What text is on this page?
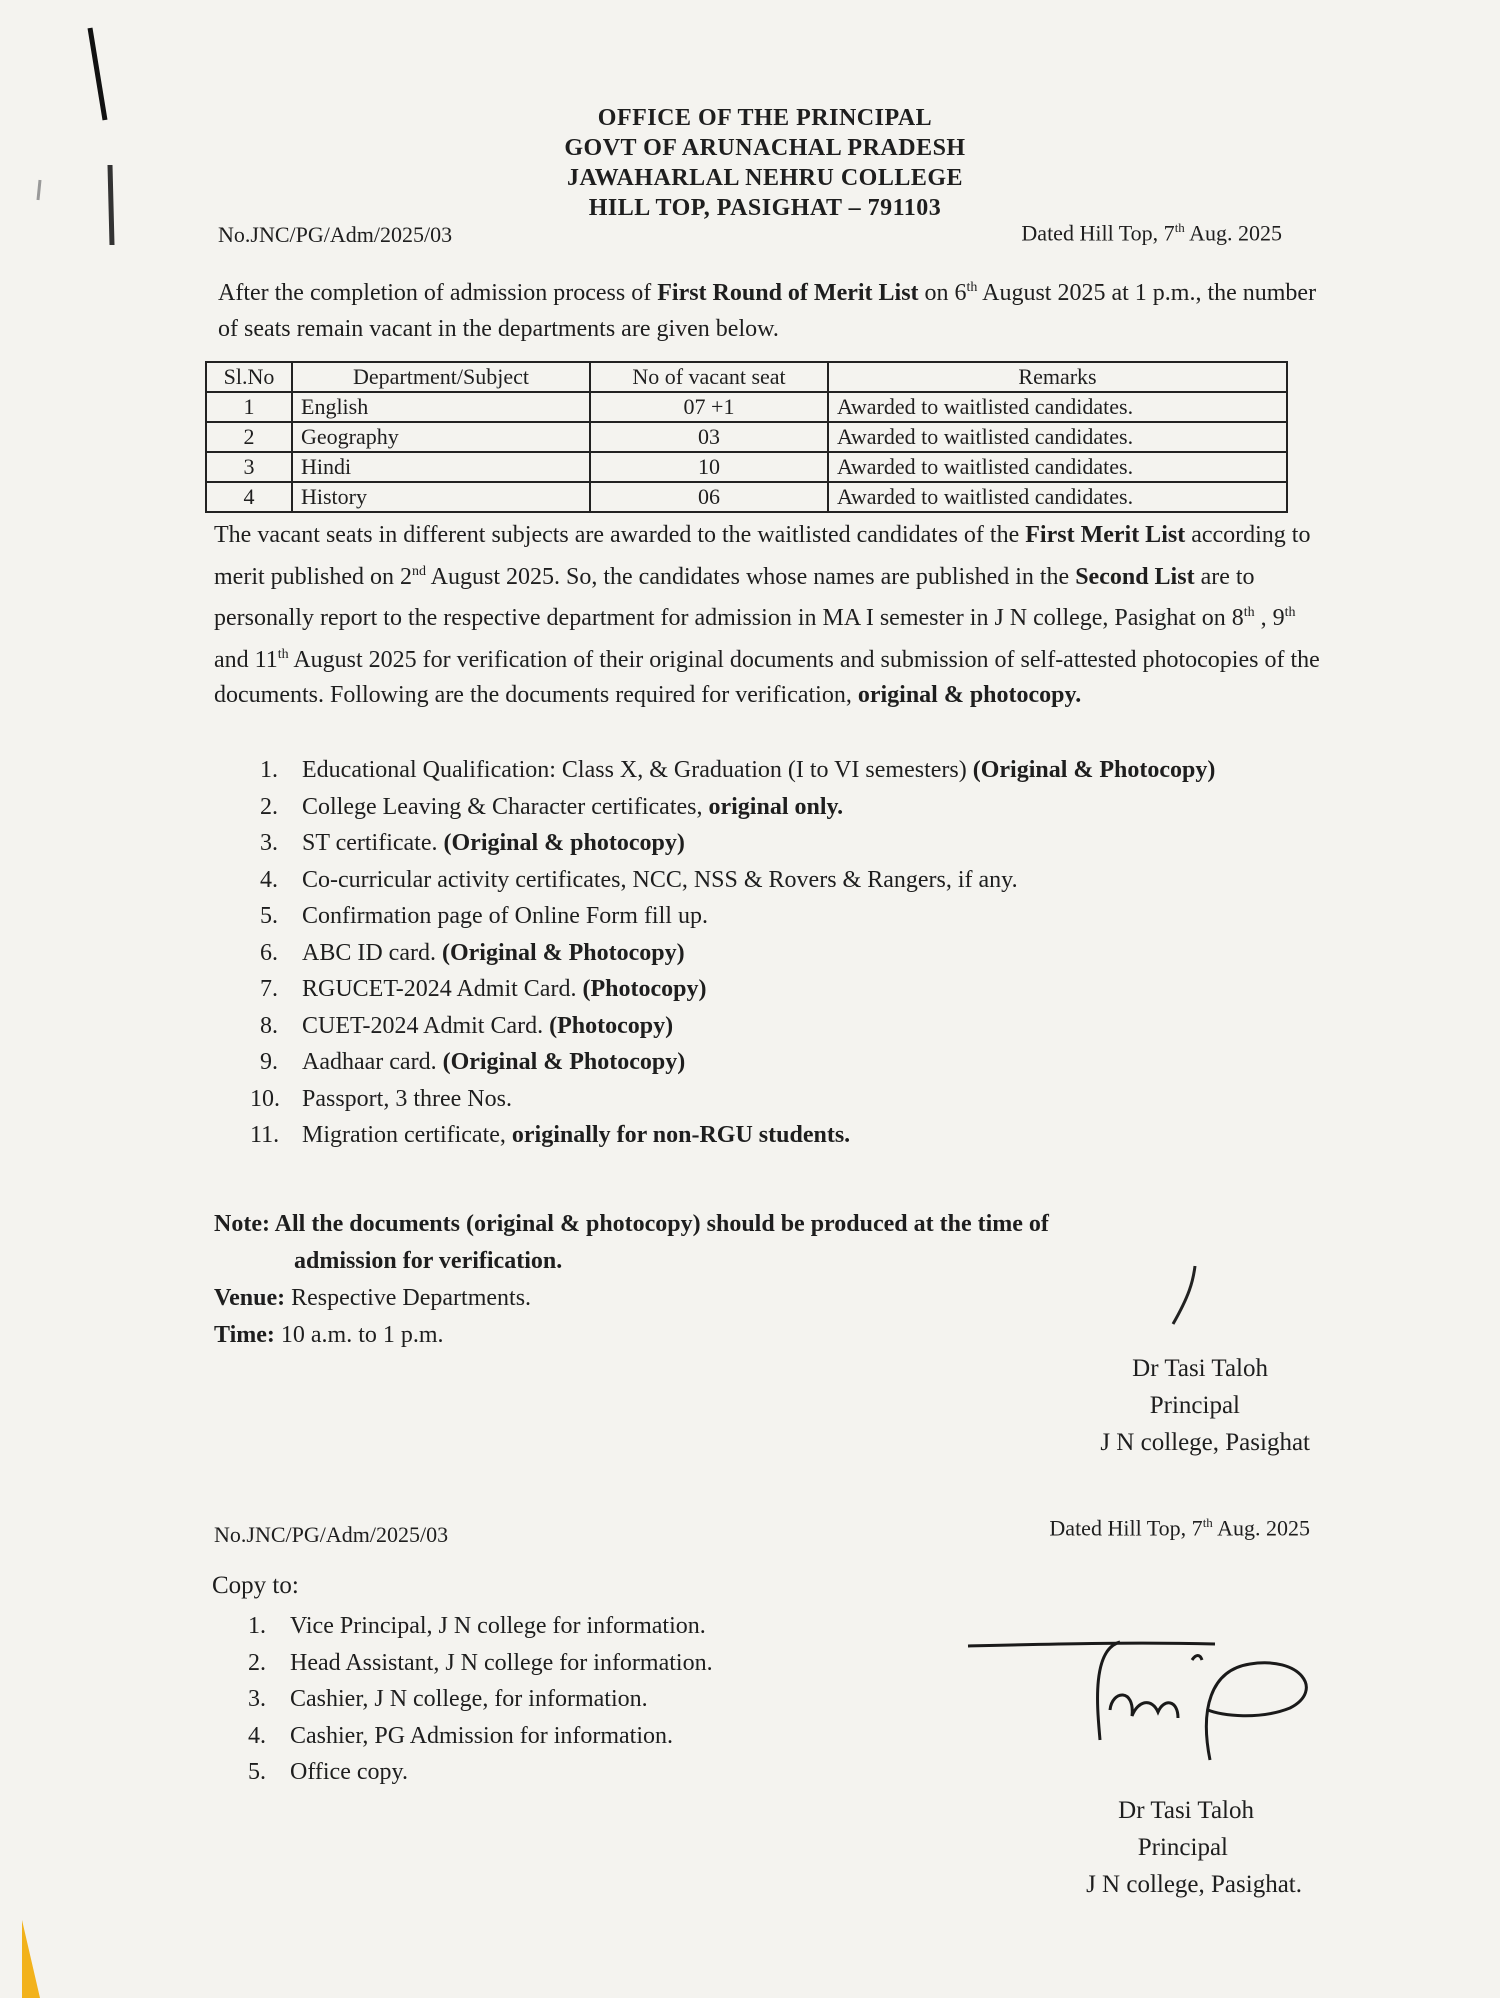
OFFICE OF THE PRINCIPAL
GOVT OF ARUNACHAL PRADESH
JAWAHARLAL NEHRU COLLEGE
HILL TOP, PASIGHAT – 791103
No.JNC/PG/Adm/2025/03	Dated Hill Top, 7th Aug. 2025
After the completion of admission process of First Round of Merit List on 6th August 2025 at 1 p.m., the number of seats remain vacant in the departments are given below.
Sl.No	Department/Subject	No of vacant seat	Remarks
1	English	07 +1	Awarded to waitlisted candidates.
2	Geography	03	Awarded to waitlisted candidates.
3	Hindi	10	Awarded to waitlisted candidates.
4	History	06	Awarded to waitlisted candidates.
The vacant seats in different subjects are awarded to the waitlisted candidates of the First Merit List according to merit published on 2nd August 2025. So, the candidates whose names are published in the Second List are to personally report to the respective department for admission in MA I semester in J N college, Pasighat on 8th , 9th  and 11th August 2025 for verification of their original documents and submission of self-attested photocopies of the documents. Following are the documents required for verification, original & photocopy.
1. Educational Qualification: Class X, & Graduation (I to VI semesters) (Original & Photocopy)
2. College Leaving & Character certificates, original only.
3. ST certificate. (Original & photocopy)
4. Co-curricular activity certificates, NCC, NSS & Rovers & Rangers, if any.
5. Confirmation page of Online Form fill up.
6. ABC ID card. (Original & Photocopy)
7. RGUCET-2024 Admit Card. (Photocopy)
8. CUET-2024 Admit Card. (Photocopy)
9. Aadhaar card. (Original & Photocopy)
10. Passport, 3 three Nos.
11. Migration certificate, originally for non-RGU students.
Note: All the documents (original & photocopy) should be produced at the time of
admission for verification.
Venue: Respective Departments.
Time: 10 a.m. to 1 p.m.
Dr Tasi Taloh
Principal
J N college, Pasighat
No.JNC/PG/Adm/2025/03	Dated Hill Top, 7th Aug. 2025
Copy to:
1. Vice Principal, J N college for information.
2. Head Assistant, J N college for information.
3. Cashier, J N college, for information.
4. Cashier, PG Admission for information.
5. Office copy.
Dr Tasi Taloh
Principal
J N college, Pasighat.
